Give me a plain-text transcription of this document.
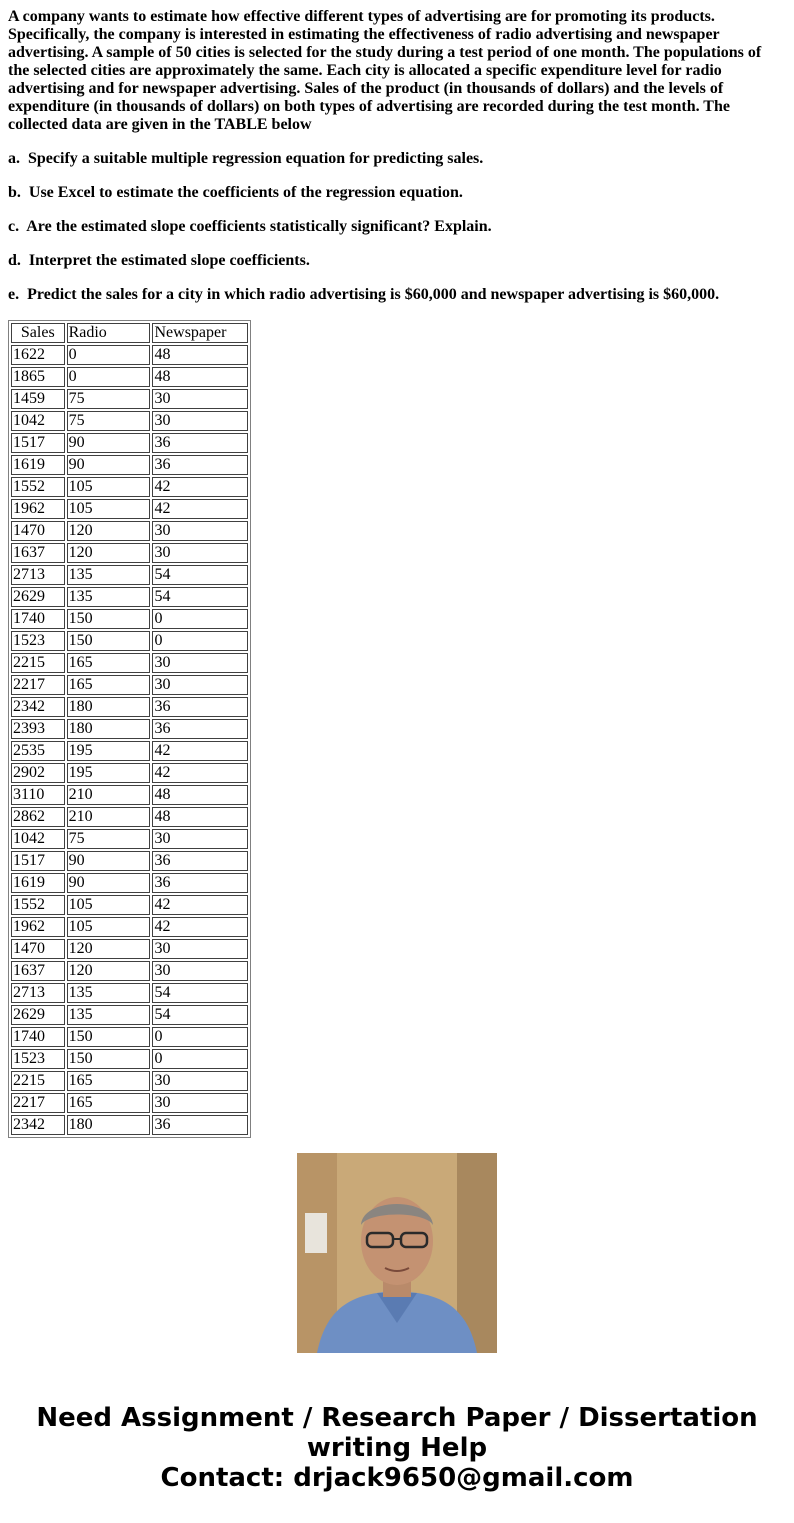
A company wants to estimate how effective different types of advertising are for promoting its products. Specifically, the company is interested in estimating the effectiveness of radio advertising and newspaper advertising. A sample of 50 cities is selected for the study during a test period of one month. The populations of the selected cities are approximately the same. Each city is allocated a specific expenditure level for radio advertising and for newspaper advertising. Sales of the product (in thousands of dollars) and the levels of expenditure (in thousands of dollars) on both types of advertising are recorded during the test month. The collected data are given in the TABLE below

a.  Specify a suitable multiple regression equation for predicting sales.

b.  Use Excel to estimate the coefficients of the regression equation.

c.  Are the estimated slope coefficients statistically significant? Explain.

d.  Interpret the estimated slope coefficients.

e.  Predict the sales for a city in which radio advertising is $60,000 and newspaper advertising is $60,000.

Sales	Radio	Newspaper
1622	0	48
1865	0	48
1459	75	30
1042	75	30
1517	90	36
1619	90	36
1552	105	42
1962	105	42
1470	120	30
1637	120	30
2713	135	54
2629	135	54
1740	150	0
1523	150	0
2215	165	30
2217	165	30
2342	180	36
2393	180	36
2535	195	42
2902	195	42
3110	210	48
2862	210	48
1042	75	30
1517	90	36
1619	90	36
1552	105	42
1962	105	42
1470	120	30
1637	120	30
2713	135	54
2629	135	54
1740	150	0
1523	150	0
2215	165	30
2217	165	30
2342	180	36
Need Assignment / Research Paper / Dissertation
writing Help
Contact: drjack9650@gmail.com
